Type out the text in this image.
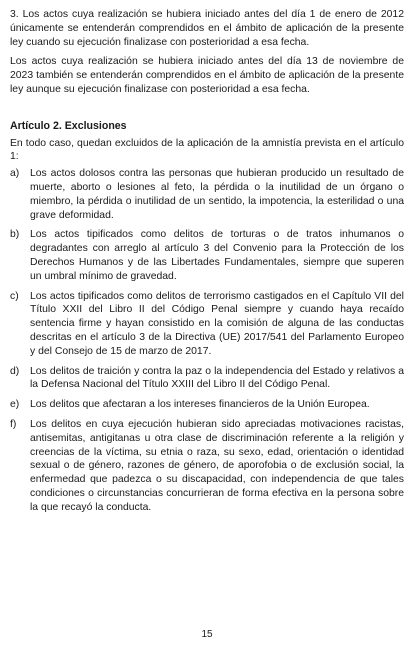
3. Los actos cuya realización se hubiera iniciado antes del día 1 de enero de 2012 únicamente se entenderán comprendidos en el ámbito de aplicación de la presente ley cuando su ejecución finalizase con posterioridad a esa fecha.

Los actos cuya realización se hubiera iniciado antes del día 13 de noviembre de 2023 también se entenderán comprendidos en el ámbito de aplicación de la presente ley aunque su ejecución finalizase con posterioridad a esa fecha.

Artículo 2. Exclusiones

En todo caso, quedan excluidos de la aplicación de la amnistía prevista en el artículo 1:

a)	Los actos dolosos contra las personas que hubieran producido un resultado de muerte, aborto o lesiones al feto, la pérdida o la inutilidad de un órgano o miembro, la pérdida o inutilidad de un sentido, la impotencia, la esterilidad o una grave deformidad.
b)	Los actos tipificados como delitos de torturas o de tratos inhumanos o degradantes con arreglo al artículo 3 del Convenio para la Protección de los Derechos Humanos y de las Libertades Fundamentales, siempre que superen un umbral mínimo de gravedad.
c)	Los actos tipificados como delitos de terrorismo castigados en el Capítulo VII del Título XXII del Libro II del Código Penal siempre y cuando haya recaído sentencia firme y hayan consistido en la comisión de alguna de las conductas descritas en el artículo 3 de la Directiva (UE) 2017/541 del Parlamento Europeo y del Consejo de 15 de marzo de 2017.
d)	Los delitos de traición y contra la paz o la independencia del Estado y relativos a la Defensa Nacional del Título XXIII del Libro II del Código Penal.
e)	Los delitos que afectaran a los intereses financieros de la Unión Europea.
f)	Los delitos en cuya ejecución hubieran sido apreciadas motivaciones racistas, antisemitas, antigitanas u otra clase de discriminación referente a la religión y creencias de la víctima, su etnia o raza, su sexo, edad, orientación o identidad sexual o de género, razones de género, de aporofobia o de exclusión social, la enfermedad que padezca o su discapacidad, con independencia de que tales condiciones o circunstancias concurrieran de forma efectiva en la persona sobre la que recayó la conducta.
15
